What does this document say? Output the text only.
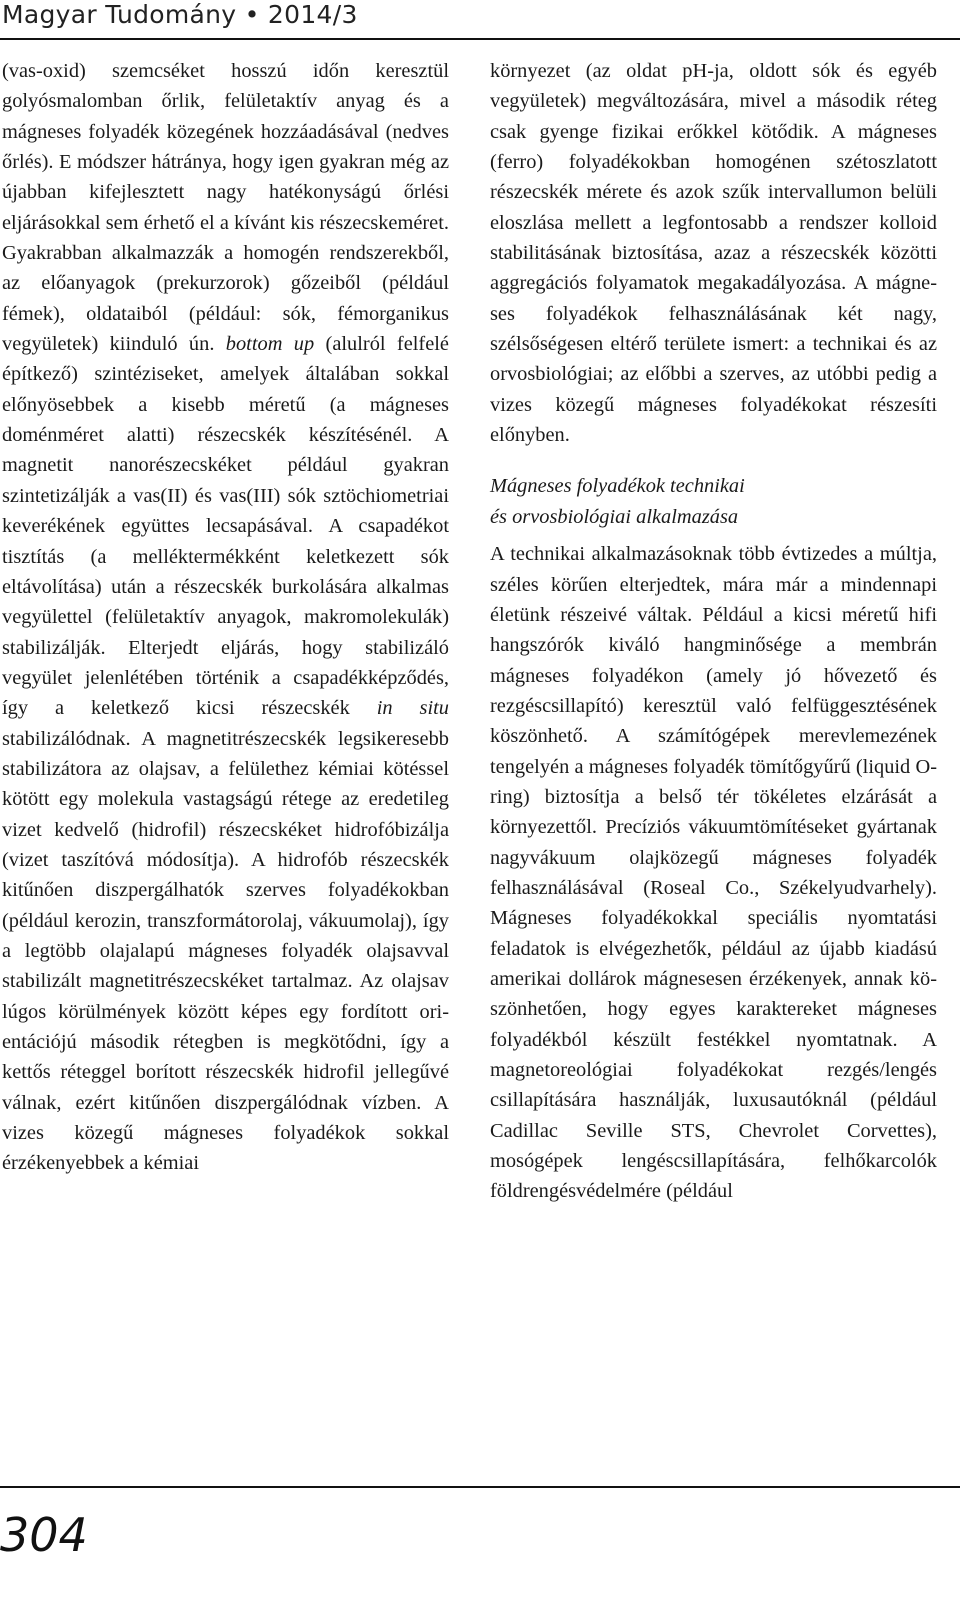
Magyar Tudomány • 2014/3

(vas-oxid) szemcséket hosszú időn keresztül golyósmalomban őrlik, felületaktív anyag és a mágneses folyadék közegének hozzáadásával (nedves őrlés). E módszer hátránya, hogy igen gyakran még az újabban kifejlesztett nagy hatékonyságú őrlési eljárásokkal sem érhető el a kívánt kis részecskeméret. Gyakrabban alkalmazzák a homogén rendszerekből, az előanyagok (prekurzorok) gőzeiből (például fémek), oldataiból (például: sók, fémorganikus vegyületek) kiinduló ún. bottom up (alulról felfelé építkező) szintéziseket, amelyek általában sokkal előnyösebbek a kisebb méretű (a mágneses doménméret alatti) részecskék készítésénél. A magnetit nanorészecskéket például gyakran szintetizálják a vas(II) és vas(III) sók sztöchiometriai keverékének együttes lecsapásával. A csapadékot tisztítás (a melléktermékként keletkezett sók eltávolítása) után a részecskék burkolására alkalmas vegyülettel (felületaktív anyagok, makromolekulák) stabilizálják. Elterjedt eljárás, hogy stabilizáló vegyület jelenlétében történik a csapadékképződés, így a keletkező kicsi részecskék in situ stabilizálódnak. A magnetitrészecskék legsikeresebb stabilizátora az olajsav, a felülethez kémiai kötéssel kötött egy molekula vastagságú rétege az eredetileg vizet kedvelő (hidrofil) részecskéket hidrofóbizálja (vizet taszítóvá módosítja). A hidrofób részecskék kitűnően diszpergálhatók szerves folyadékokban (például kerozin, transzformátorolaj, vákuumolaj), így a legtöbb olajalapú mágneses folyadék olajsavval stabilizált magnetitrészecskéket tartalmaz. Az olajsav lúgos körülmények között képes egy fordított orientációjú második rétegben is megkötődni, így a kettős réteggel borított részecskék hidrofil jellegűvé válnak, ezért kitűnően diszpergálódnak vízben. A vizes közegű mágneses folyadékok sokkal érzékenyebbek a kémiai

környezet (az oldat pH-ja, oldott sók és egyéb vegyületek) megváltozására, mivel a második réteg csak gyenge fizikai erőkkel kötődik. A mágneses (ferro) folyadékokban homogénen szétoszlatott részecskék mérete és azok szűk intervallumon belüli eloszlása mellett a legfontosabb a rendszer kolloid stabilitásának biztosítása, azaz a részecskék közötti aggregációs folyamatok megakadályozása. A mágneses folyadékok felhasználásának két nagy, szélsőségesen eltérő területe ismert: a technikai és az orvosbiológiai; az előbbi a szerves, az utóbbi pedig a vizes közegű mágneses folyadékokat részesíti előnyben.

Mágneses folyadékok technikai
és orvosbiológiai alkalmazása

A technikai alkalmazásoknak több évtizedes a múltja, széles körűen elterjedtek, mára már a mindennapi életünk részeivé váltak. Például a kicsi méretű hifi hangszórók kiváló hangminősége a membrán mágneses folyadékon (amely jó hővezető és rezgéscsillapító) keresztül való felfüggesztésének köszönhető. A számítógépek merevlemezének tengelyén a mágneses folyadék tömítőgyűrű (liquid O-ring) biztosítja a belső tér tökéletes elzárását a környezettől. Precíziós vákuumtömítéseket gyártanak nagyvákuum olajközegű mágneses folyadék felhasználásával (Roseal Co., Székelyudvarhely). Mágneses folyadékokkal speciális nyomtatási feladatok is elvégezhetők, például az újabb kiadású amerikai dollárok mágnesesen érzékenyek, annak köszönhetően, hogy egyes karaktereket mágneses folyadékból készült festékkel nyomtatnak. A magnetoreológiai folyadékokat rezgés/lengés csillapítására használják, luxusautóknál (például Cadillac Seville STS, Chevrolet Corvettes), mosógépek lengéscsillapítására, felhőkarcolók földrengésvédelmére (például

304
